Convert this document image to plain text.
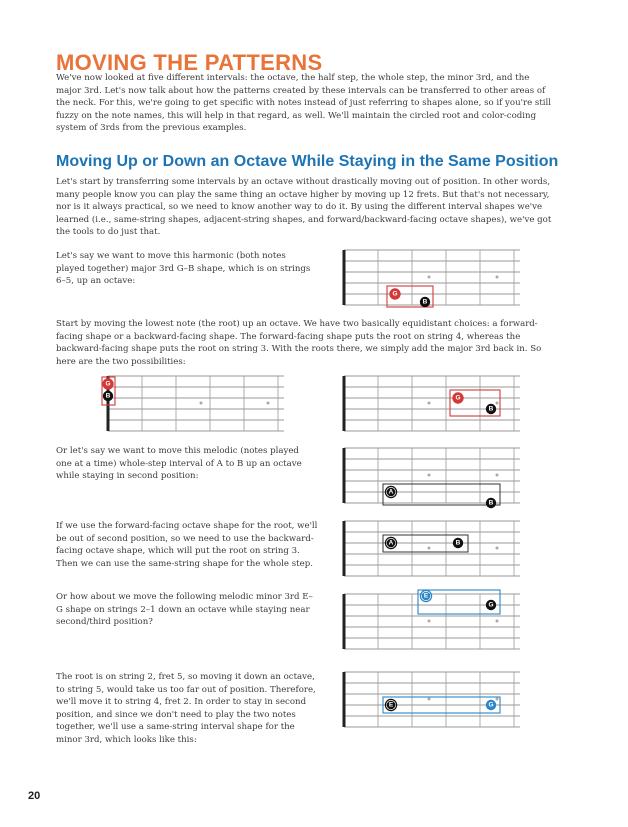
MOVING THE PATTERNS
We've now looked at five different intervals: the octave, the half step, the whole step, the minor 3rd, and the major 3rd. Let's now talk about how the patterns created by these intervals can be transferred to other areas of the neck. For this, we're going to get specific with notes instead of just referring to shapes alone, so if you're still fuzzy on the note names, this will help in that regard, as well. We'll maintain the circled root and color-coding system of 3rds from the previous examples.
Moving Up or Down an Octave While Staying in the Same Position
Let's start by transferring some intervals by an octave without drastically moving out of position. In other words, many people know you can play the same thing an octave higher by moving up 12 frets. But that's not necessary, nor is it always practical, so we need to know another way to do it. By using the different interval shapes we've learned (i.e., same-string shapes, adjacent-string shapes, and forward/backward-facing octave shapes), we've got the tools to do just that.
Let's say we want to move this harmonic (both notes played together) major 3rd G–B shape, which is on strings 6–5, up an octave:
Start by moving the lowest note (the root) up an octave. We have two basically equidistant choices: a forward-facing shape or a backward-facing shape. The forward-facing shape puts the root on string 4, whereas the backward-facing shape puts the root on string 3. With the roots there, we simply add the major 3rd back in. So here are the two possibilities:
Or let's say we want to move this melodic (notes played one at a time) whole-step interval of A to B up an octave while staying in second position:
If we use the forward-facing octave shape for the root, we'll be out of second position, so we need to use the backward-facing octave shape, which will put the root on string 3. Then we can use the same-string shape for the whole step.
Or how about we move the following melodic minor 3rd E–G shape on strings 2–1 down an octave while staying near second/third position?
The root is on string 2, fret 5, so moving it down an octave, to string 5, would take us too far out of position. Therefore, we'll move it to string 4, fret 2. In order to stay in second position, and since we don't need to play the two notes together, we'll use a same-string interval shape for the minor 3rd, which looks like this:
20
G
B
G
B	G
B
A
B
A	B
E
G
E	G
